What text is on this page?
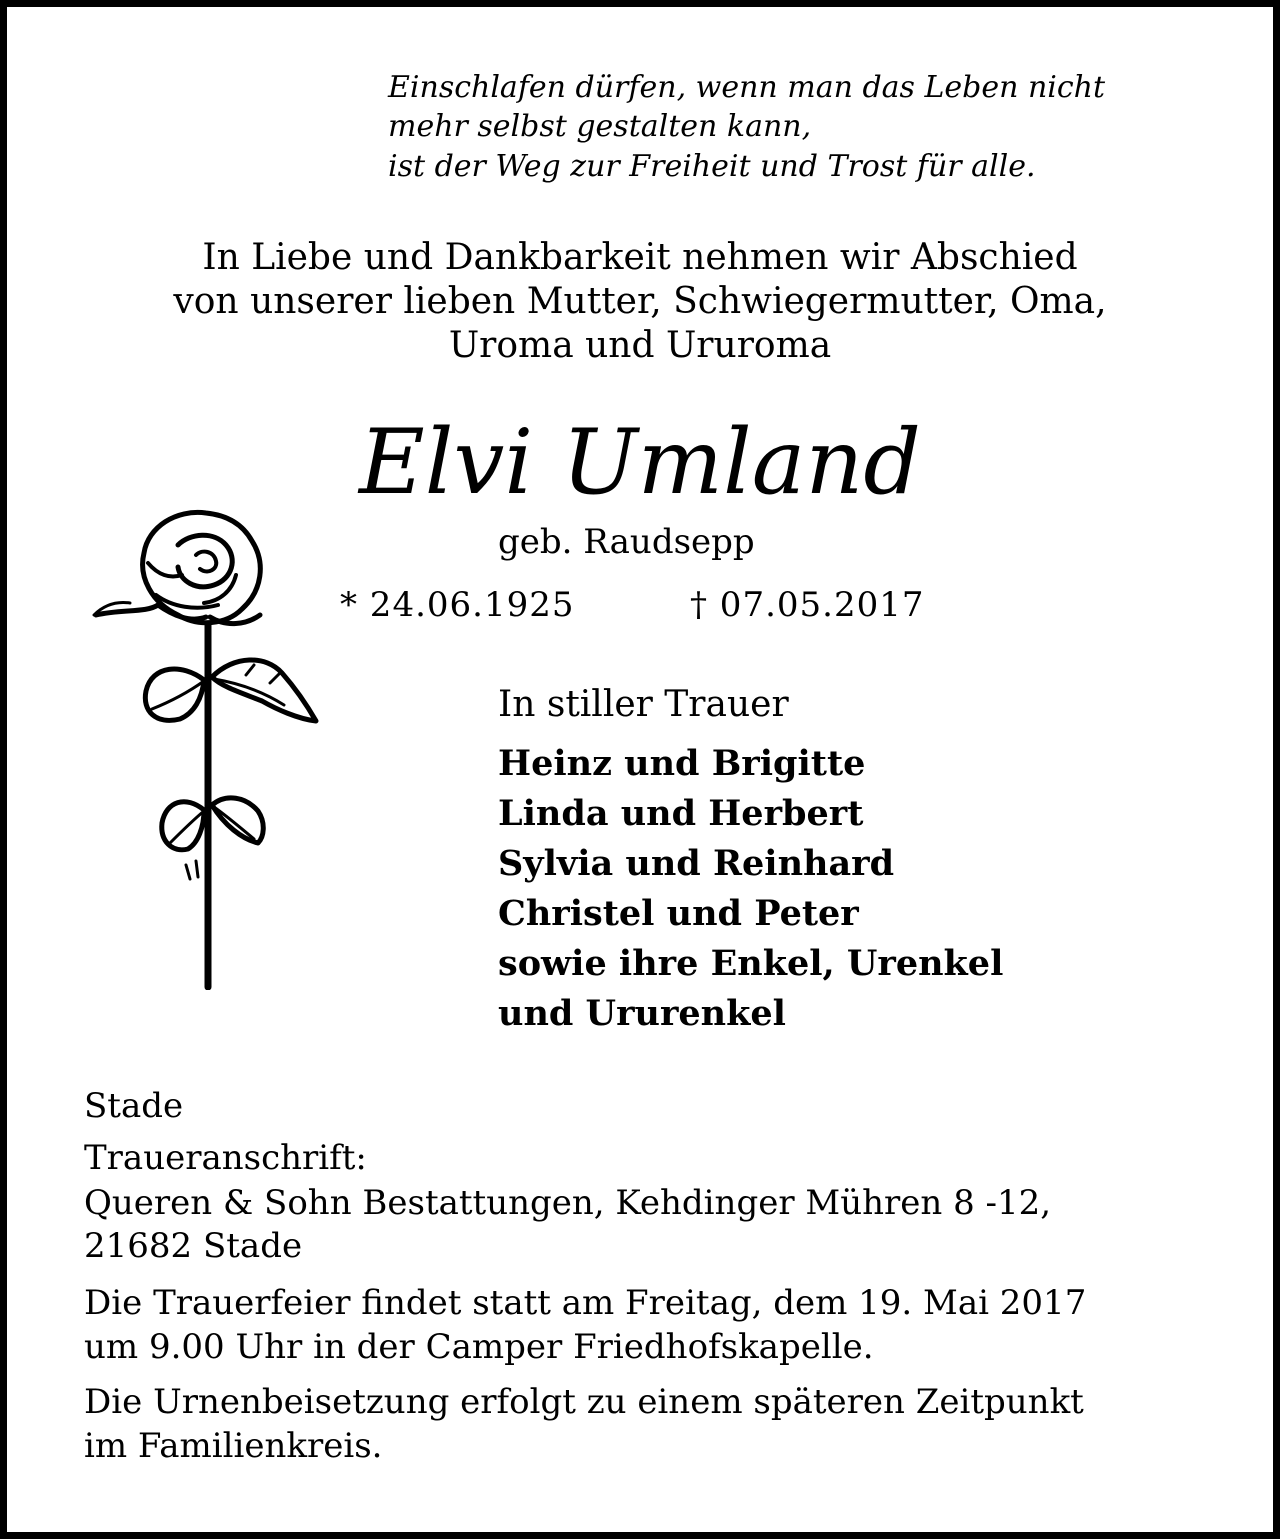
Einschlafen dürfen, wenn man das Leben nicht
mehr selbst gestalten kann,
ist der Weg zur Freiheit und Trost für alle.
In Liebe und Dankbarkeit nehmen wir Abschied
von unserer lieben Mutter, Schwiegermutter, Oma,
Uroma und Ururoma
Elvi Umland
geb. Raudsepp
* 24.06.1925	† 07.05.2017
In stiller Trauer
Heinz und Brigitte
Linda und Herbert
Sylvia und Reinhard
Christel und Peter
sowie ihre Enkel, Urenkel
und Ururenkel
Stade
Traueranschrift:
Queren & Sohn Bestattungen, Kehdinger Mühren 8 -12,
21682 Stade
Die Trauerfeier findet statt am Freitag, dem 19. Mai 2017
um 9.00 Uhr in der Camper Friedhofskapelle.
Die Urnenbeisetzung erfolgt zu einem späteren Zeitpunkt
im Familienkreis.
